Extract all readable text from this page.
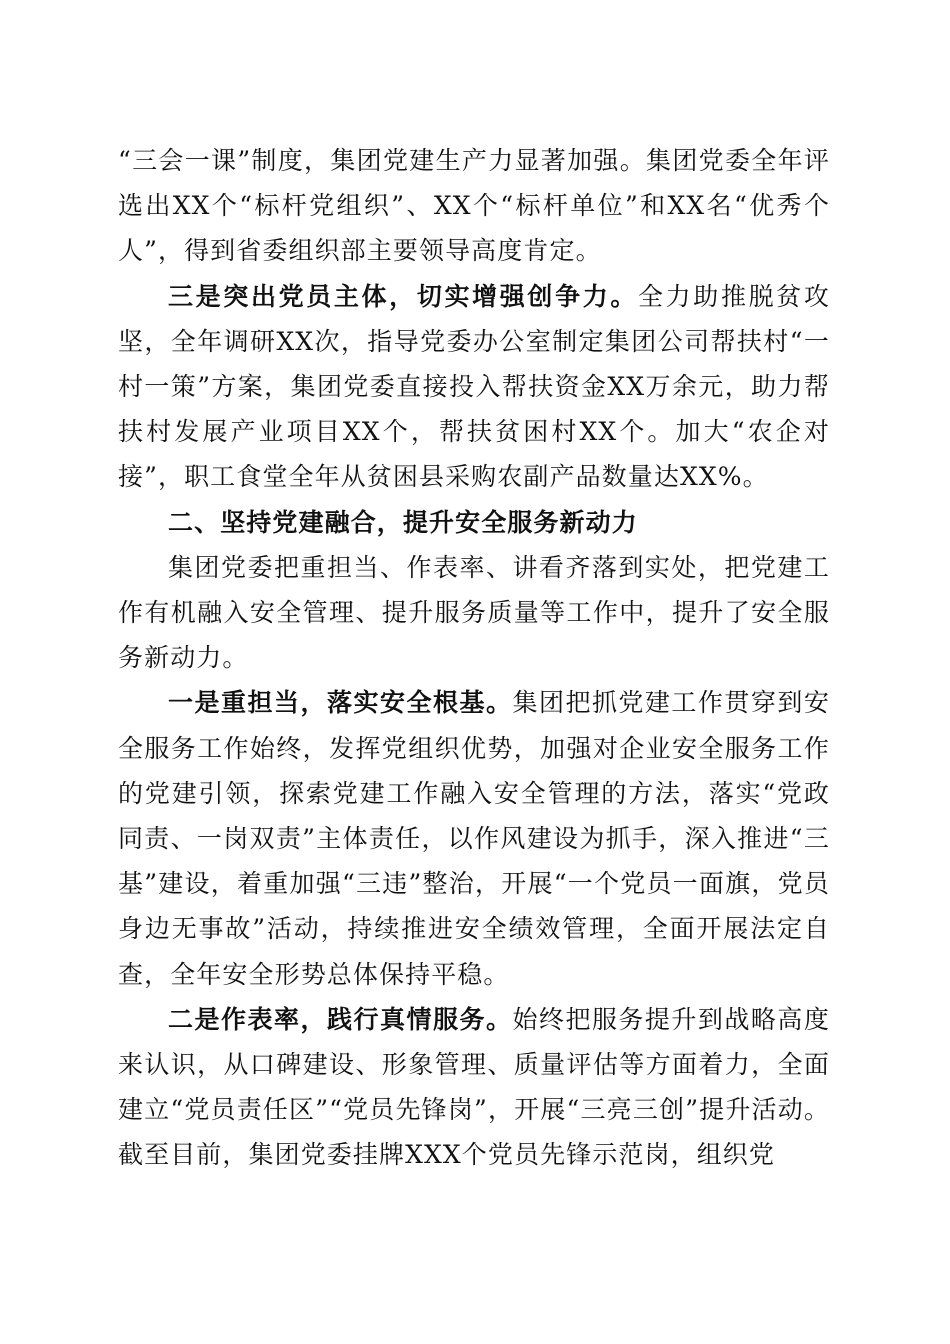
“三会一课”制度，集团党建生产力显著加强。集团党委全年评选出XX个“标杆党组织”、XX个“标杆单位”和XX名“优秀个人”，得到省委组织部主要领导高度肯定。

三是突出党员主体，切实增强创争力。全力助推脱贫攻坚，全年调研XX次，指导党委办公室制定集团公司帮扶村“一村一策”方案，集团党委直接投入帮扶资金XX万余元，助力帮扶村发展产业项目XX个，帮扶贫困村XX个。加大“农企对接”，职工食堂全年从贫困县采购农副产品数量达XX%。

二、坚持党建融合，提升安全服务新动力

集团党委把重担当、作表率、讲看齐落到实处，把党建工作有机融入安全管理、提升服务质量等工作中，提升了安全服务新动力。

一是重担当，落实安全根基。集团把抓党建工作贯穿到安全服务工作始终，发挥党组织优势，加强对企业安全服务工作的党建引领，探索党建工作融入安全管理的方法，落实“党政同责、一岗双责”主体责任，以作风建设为抓手，深入推进“三基”建设，着重加强“三违”整治，开展“一个党员一面旗，党员身边无事故”活动，持续推进安全绩效管理，全面开展法定自查，全年安全形势总体保持平稳。

二是作表率，践行真情服务。始终把服务提升到战略高度来认识，从口碑建设、形象管理、质量评估等方面着力，全面建立“党员责任区”“党员先锋岗”，开展“三亮三创”提升活动。截至目前，集团党委挂牌XXX个党员先锋示范岗，组织党
